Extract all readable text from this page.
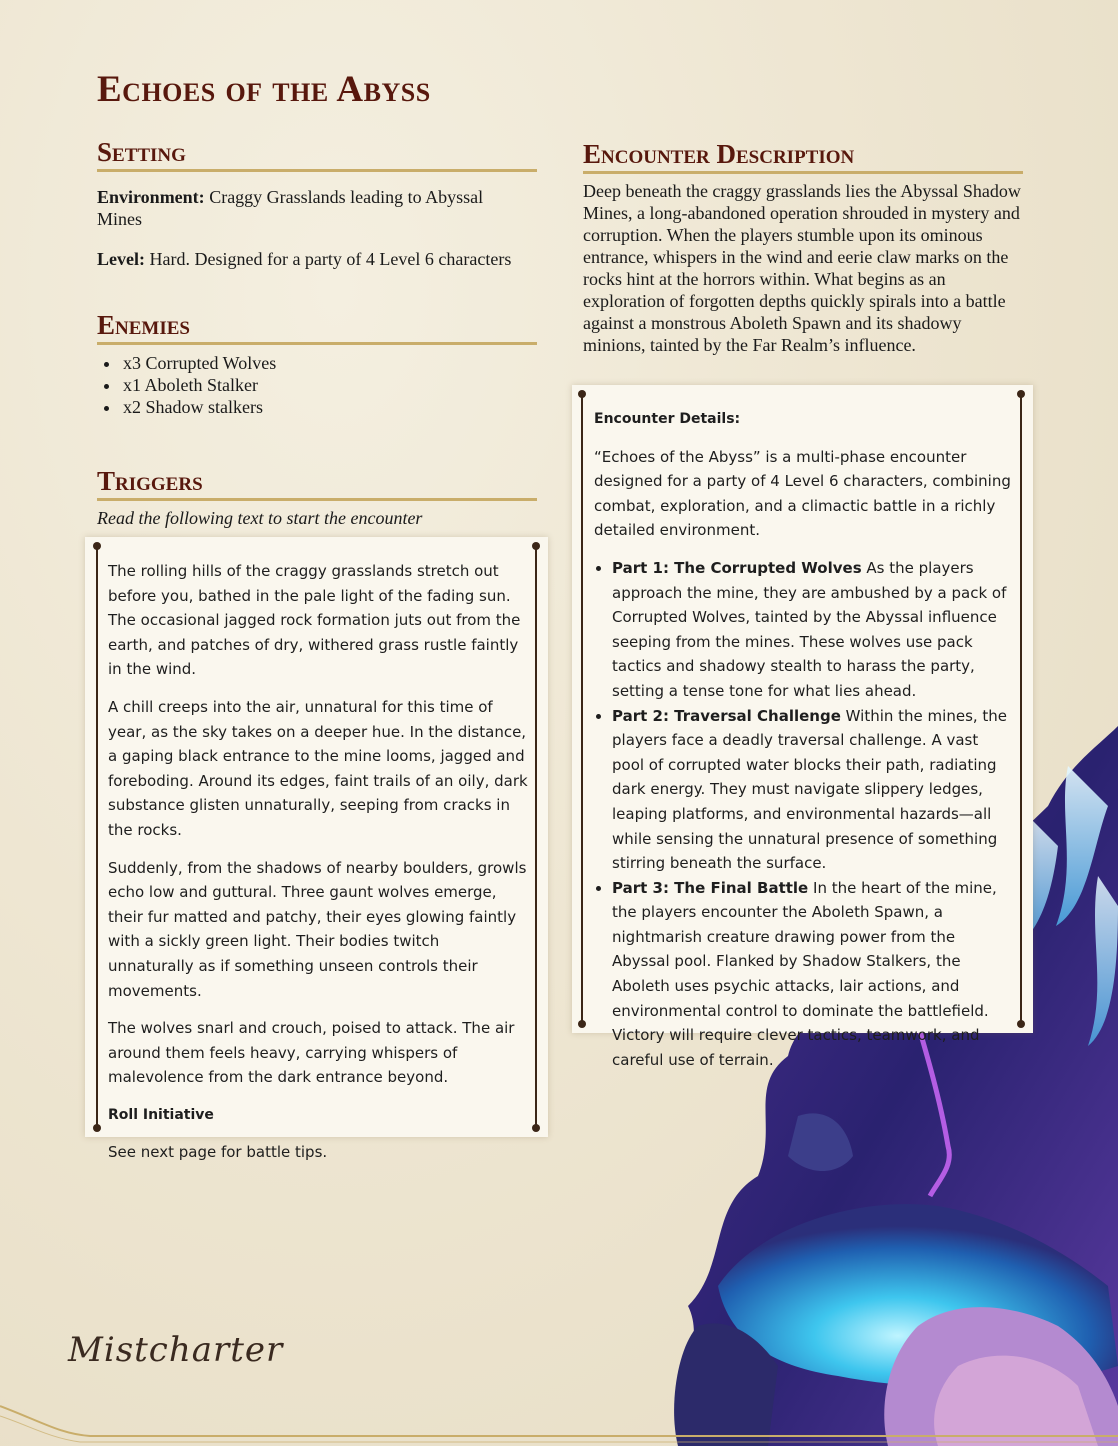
Echoes of the Abyss
Setting

Environment: Craggy Grasslands leading to Abyssal Mines

Level: Hard. Designed for a party of 4 Level 6 characters

Enemies
• x3 Corrupted Wolves
• x1 Aboleth Stalker
• x2 Shadow stalkers
Triggers

Read the following text to start the encounter

The rolling hills of the craggy grasslands stretch out before you, bathed in the pale light of the fading sun. The occasional jagged rock formation juts out from the earth, and patches of dry, withered grass rustle faintly in the wind.

A chill creeps into the air, unnatural for this time of year, as the sky takes on a deeper hue. In the distance, a gaping black entrance to the mine looms, jagged and foreboding. Around its edges, faint trails of an oily, dark substance glisten unnaturally, seeping from cracks in the rocks.

Suddenly, from the shadows of nearby boulders, growls echo low and guttural. Three gaunt wolves emerge, their fur matted and patchy, their eyes glowing faintly with a sickly green light. Their bodies twitch unnaturally as if something unseen controls their movements.

The wolves snarl and crouch, poised to attack. The air around them feels heavy, carrying whispers of malevolence from the dark entrance beyond.

Roll Initiative

See next page for battle tips.

Encounter Description

Deep beneath the craggy grasslands lies the Abyssal Shadow Mines, a long-abandoned operation shrouded in mystery and corruption. When the players stumble upon its ominous entrance, whispers in the wind and eerie claw marks on the rocks hint at the horrors within. What begins as an exploration of forgotten depths quickly spirals into a battle against a monstrous Aboleth Spawn and its shadowy minions, tainted by the Far Realm’s influence.

Encounter Details:

“Echoes of the Abyss” is a multi-phase encounter designed for a party of 4 Level 6 characters, combining combat, exploration, and a climactic battle in a richly detailed environment.

• Part 1: The Corrupted Wolves As the players approach the mine, they are ambushed by a pack of Corrupted Wolves, tainted by the Abyssal influence seeping from the mines. These wolves use pack tactics and shadowy stealth to harass the party, setting a tense tone for what lies ahead.
• Part 2: Traversal Challenge Within the mines, the players face a deadly traversal challenge. A vast pool of corrupted water blocks their path, radiating dark energy. They must navigate slippery ledges, leaping platforms, and environmental hazards—all while sensing the unnatural presence of something stirring beneath the surface.
• Part 3: The Final Battle In the heart of the mine, the players encounter the Aboleth Spawn, a nightmarish creature drawing power from the Abyssal pool. Flanked by Shadow Stalkers, the Aboleth uses psychic attacks, lair actions, and environmental control to dominate the battlefield. Victory will require clever tactics, teamwork, and careful use of terrain.
Mistcharter
